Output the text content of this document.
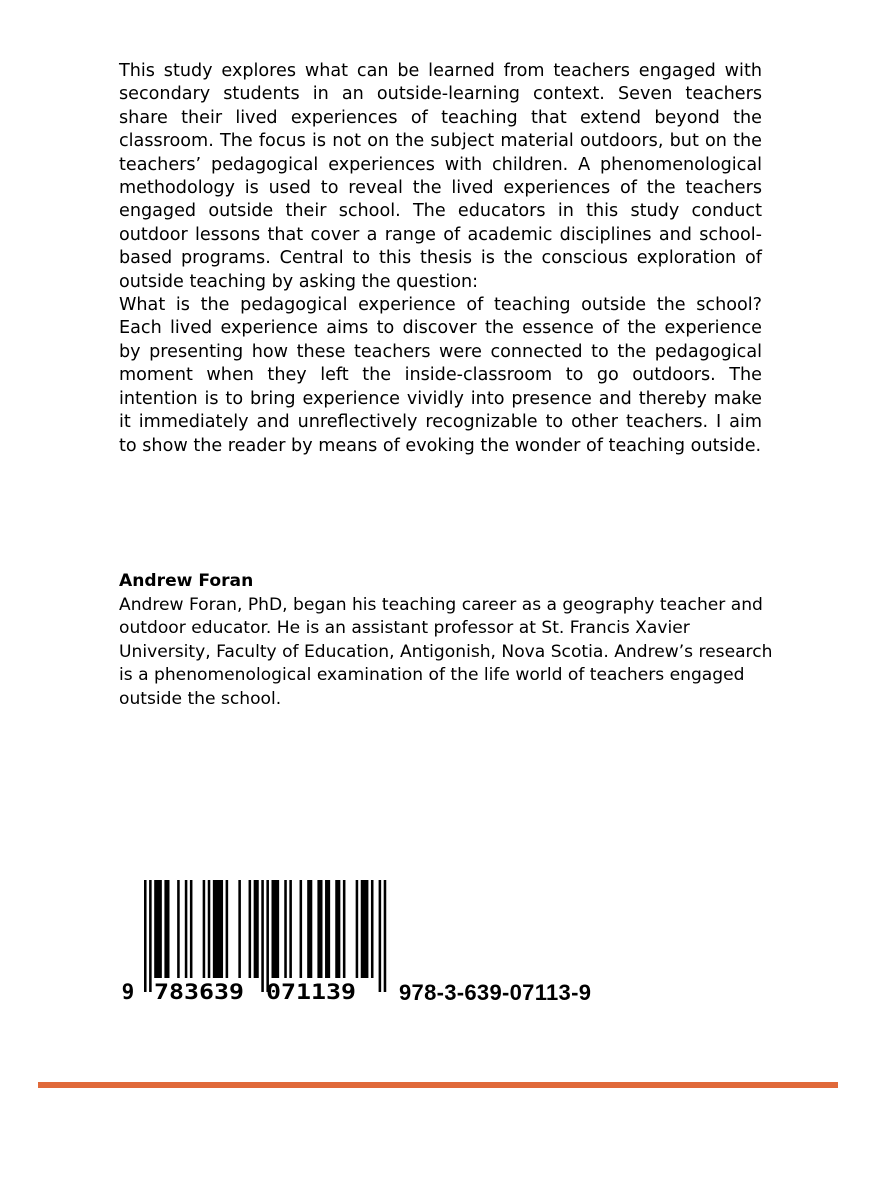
This study explores what can be learned from teachers engaged with secondary students in an outside-learning context. Seven teachers share their lived experiences of teaching that extend beyond the classroom. The focus is not on the subject material outdoors, but on the teachers’ pedagogical experiences with children. A phenomenological methodology is used to reveal the lived experiences of the teachers engaged outside their school. The educators in this study conduct outdoor lessons that cover a range of academic disciplines and school-based programs. Central to this thesis is the conscious exploration of outside teaching by asking the question:

What is the pedagogical experience of teaching outside the school? Each lived experience aims to discover the essence of the experience by presenting how these teachers were connected to the pedagogical moment when they left the inside-classroom to go outdoors. The intention is to bring experience vividly into presence and thereby make it immediately and unreflectively recognizable to other teachers. I aim to show the reader by means of evoking the wonder of teaching outside.

Andrew Foran
Andrew Foran, PhD, began his teaching career as a geography teacher and outdoor educator. He is an assistant professor at St. Francis Xavier University, Faculty of Education, Antigonish, Nova Scotia. Andrew’s research is a phenomenological examination of the life world of teachers engaged outside the school.
9 783639 071139 978-3-639-07113-9
